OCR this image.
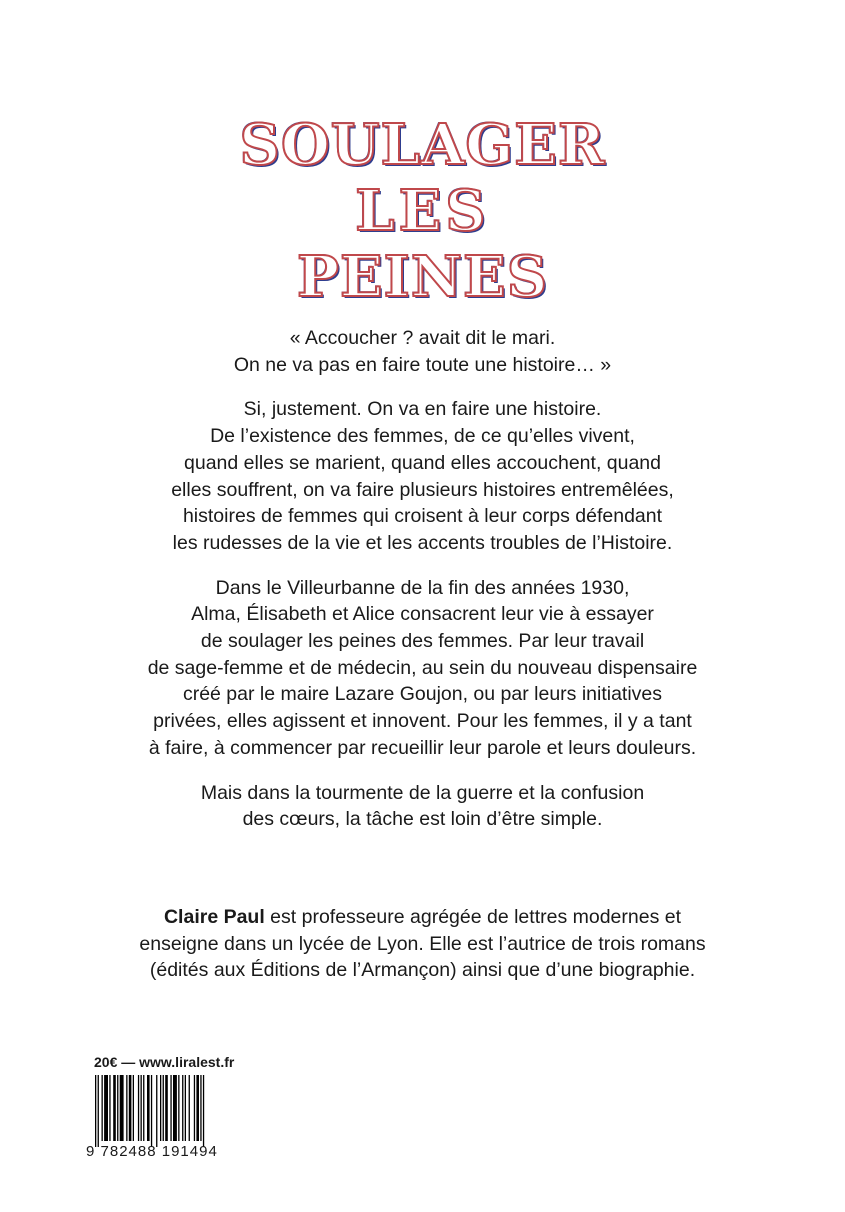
SOULAGER
LES
PEINES

« Accoucher ? avait dit le mari.
On ne va pas en faire toute une histoire… »

Si, justement. On va en faire une histoire.
De l’existence des femmes, de ce qu’elles vivent,
quand elles se marient, quand elles accouchent, quand
elles souffrent, on va faire plusieurs histoires entremêlées,
histoires de femmes qui croisent à leur corps défendant
les rudesses de la vie et les accents troubles de l’Histoire.

Dans le Villeurbanne de la fin des années 1930,
Alma, Élisabeth et Alice consacrent leur vie à essayer
de soulager les peines des femmes. Par leur travail
de sage-femme et de médecin, au sein du nouveau dispensaire
créé par le maire Lazare Goujon, ou par leurs initiatives
privées, elles agissent et innovent. Pour les femmes, il y a tant
à faire, à commencer par recueillir leur parole et leurs douleurs.

Mais dans la tourmente de la guerre et la confusion
des cœurs, la tâche est loin d’être simple.

Claire Paul est professeure agrégée de lettres modernes et
enseigne dans un lycée de Lyon. Elle est l’autrice de trois romans
(édités aux Éditions de l’Armançon) ainsi que d’une biographie.
20€ — www.liralest.fr
9 782488 191494
